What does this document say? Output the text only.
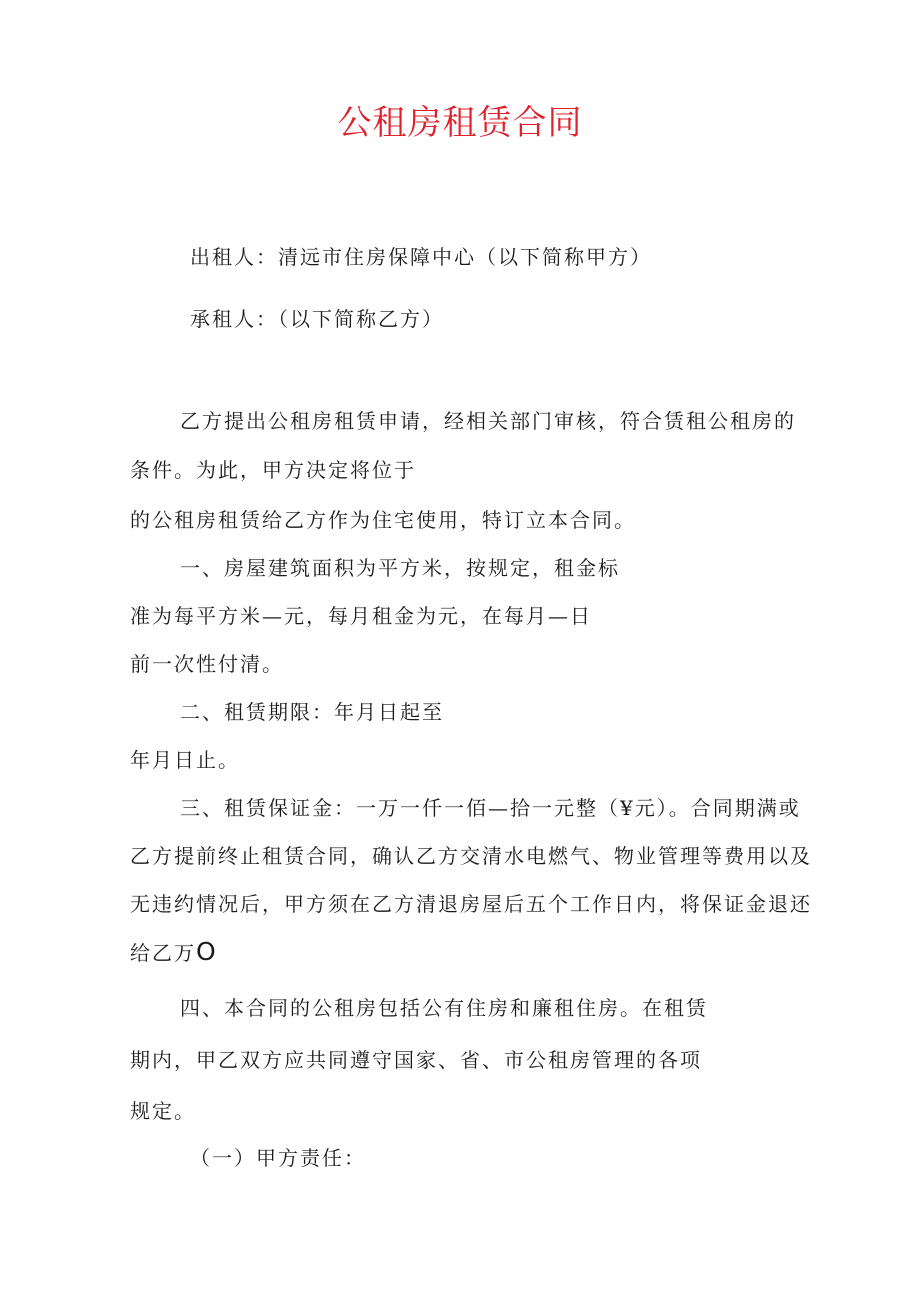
公租房租赁合同
出租人：清远市住房保障中心（以下简称甲方）
承租人：（以下简称乙方）
乙方提出公租房租赁申请，经相关部门审核，符合赁租公租房的
条件。为此，甲方决定将位于
的公租房租赁给乙方作为住宅使用，特订立本合同。
一、房屋建筑面积为平方米，按规定，租金标
准为每平方米—元，每月租金为元，在每月—日
前一次性付清。
二、租赁期限：年月日起至
年月日止。
三、租赁保证金：一万一仟一佰—拾一元整（¥元）。合同期满或
乙方提前终止租赁合同，确认乙方交清水电燃气、物业管理等费用以及
无违约情况后，甲方须在乙方清退房屋后五个工作日内，将保证金退还
给乙万O
四、本合同的公租房包括公有住房和廉租住房。在租赁
期内，甲乙双方应共同遵守国家、省、市公租房管理的各项
规定。
（一）甲方责任：
